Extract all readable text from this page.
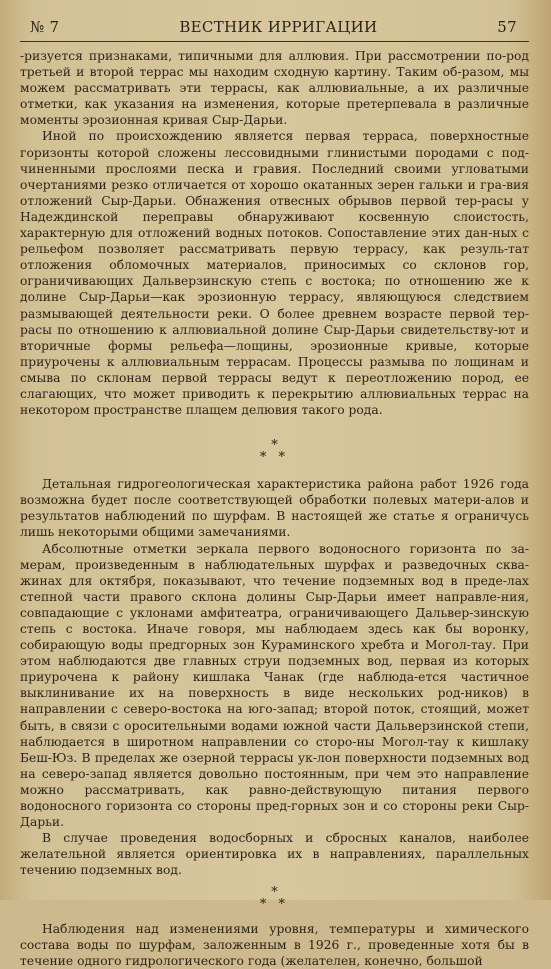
№ 7	ВЕСТНИК ИРРИГАЦИИ	57

-ризуется признаками, типичными для аллювия. При рассмотрении по-род третьей и второй террас мы находим сходную картину. Таким об-разом, мы можем рассматривать эти террасы, как аллювиальные, а их различные отметки, как указания на изменения, которые претерпевала в различные моменты эрозионная кривая Сыр-Дарьи.

Иной по происхождению является первая терраса, поверхностные горизонты которой сложены лессовидными глинистыми породами с под-чиненными прослоями песка и гравия. Последний своими угловатыми очертаниями резко отличается от хорошо окатанных зерен гальки и гра-вия отложений Сыр-Дарьи. Обнажения отвесных обрывов первой тер-расы у Надеждинской переправы обнаруживают косвенную слоистость, характерную для отложений водных потоков. Сопоставление этих дан-ных с рельефом позволяет рассматривать первую террасу, как резуль-тат отложения обломочных материалов, приносимых со склонов гор, ограничивающих Дальверзинскую степь с востока; по отношению же к долине Сыр-Дарьи—как эрозионную террасу, являющуюся следствием размывающей деятельности реки. О более древнем возрасте первой тер-расы по отношению к аллювиальной долине Сыр-Дарьи свидетельству-ют и вторичные формы рельефа—лощины, эрозионные кривые, которые приурочены к аллювиальным террасам. Процессы размыва по лощинам и смыва по склонам первой террасы ведут к переотложению пород, ее слагающих, что может приводить к перекрытию аллювиальных террас на некотором пространстве плащем делювия такого рода.

*
* *

Детальная гидрогеологическая характеристика района работ 1926 года возможна будет после соответствующей обработки полевых матери-алов и результатов наблюдений по шурфам. В настоящей же статье я ограничусь лишь некоторыми общими замечаниями.

Абсолютные отметки зеркала первого водоносного горизонта по за-мерам, произведенным в наблюдательных шурфах и разведочных сква-жинах для октября, показывают, что течение подземных вод в преде-лах степной части правого склона долины Сыр-Дарьи имеет направле-ния, совпадающие с уклонами амфитеатра, ограничивающего Дальвер-зинскую степь с востока. Иначе говоря, мы наблюдаем здесь как бы воронку, собирающую воды предгорных зон Кураминского хребта и Могол-тау. При этом наблюдаются две главных струи подземных вод, первая из которых приурочена к району кишлака Чанак (где наблюда-ется частичное выклинивание их на поверхность в виде нескольких род-ников) в направлении с северо-востока на юго-запад; второй поток, стоящий, может быть, в связи с оросительными водами южной части Дальверзинской степи, наблюдается в широтном направлении со сторо-ны Могол-тау к кишлаку Беш-Юз. В пределах же озерной террасы ук-лон поверхности подземных вод на северо-запад является довольно постоянным, при чем это направление можно рассматривать, как равно-действующую питания первого водоносного горизонта со стороны пред-горных зон и со стороны реки Сыр-Дарьи.

В случае проведения водосборных и сбросных каналов, наиболее желательной является ориентировка их в направлениях, параллельных течению подземных вод.

*
* *

Наблюдения над изменениями уровня, температуры и химического состава воды по шурфам, заложенным в 1926 г., проведенные хотя бы в течение одного гидрологического года (желателен, конечно, большой
